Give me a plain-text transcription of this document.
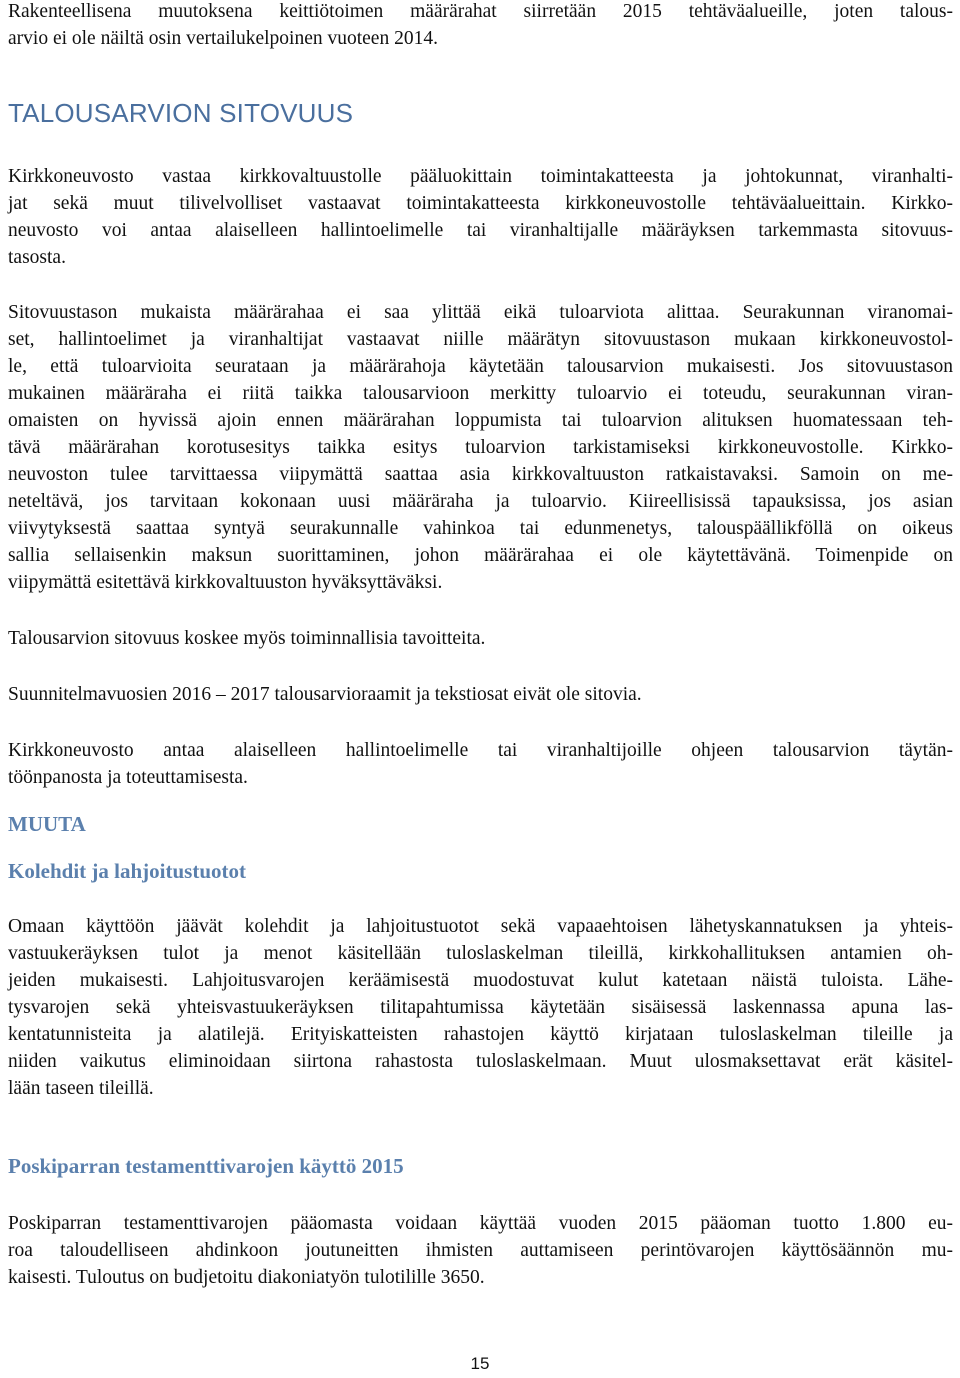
Rakenteellisena muutoksena keittiötoimen määrärahat siirretään 2015 tehtäväalueille, joten talous-
arvio ei ole näiltä osin vertailukelpoinen vuoteen 2014.
TALOUSARVION SITOVUUS
Kirkkoneuvosto vastaa kirkkovaltuustolle pääluokittain toimintakatteesta ja johtokunnat, viranhalti-
jat sekä muut tilivelvolliset vastaavat toimintakatteesta kirkkoneuvostolle tehtäväalueittain. Kirkko-
neuvosto voi antaa alaiselleen hallintoelimelle tai viranhaltijalle määräyksen tarkemmasta sitovuus-
tasosta.
Sitovuustason mukaista määrärahaa ei saa ylittää eikä tuloarviota alittaa. Seurakunnan viranomai-
set, hallintoelimet ja viranhaltijat vastaavat niille määrätyn sitovuustason mukaan kirkkoneuvostol-
le, että tuloarvioita seurataan ja määrärahoja käytetään talousarvion mukaisesti. Jos sitovuustason
mukainen määräraha ei riitä taikka talousarvioon merkitty tuloarvio ei toteudu, seurakunnan viran-
omaisten on hyvissä ajoin ennen määrärahan loppumista tai tuloarvion alituksen huomatessaan teh-
tävä määrärahan korotusesitys taikka esitys tuloarvion tarkistamiseksi kirkkoneuvostolle. Kirkko-
neuvoston tulee tarvittaessa viipymättä saattaa asia kirkkovaltuuston ratkaistavaksi. Samoin on me-
neteltävä, jos tarvitaan kokonaan uusi määräraha ja tuloarvio. Kiireellisissä tapauksissa, jos asian
viivytyksestä saattaa syntyä seurakunnalle vahinkoa tai edunmenetys, talouspäällikföllä on oikeus
sallia sellaisenkin maksun suorittaminen, johon määrärahaa ei ole käytettävänä. Toimenpide on
viipymättä esitettävä kirkkovaltuuston hyväksyttäväksi.
Talousarvion sitovuus koskee myös toiminnallisia tavoitteita.
Suunnitelmavuosien 2016 – 2017 talousarvioraamit ja tekstiosat eivät ole sitovia.
Kirkkoneuvosto antaa alaiselleen hallintoelimelle tai viranhaltijoille ohjeen talousarvion täytän-
töönpanosta ja toteuttamisesta.
MUUTA
Kolehdit ja lahjoitustuotot
Omaan käyttöön jäävät kolehdit ja lahjoitustuotot sekä vapaaehtoisen lähetyskannatuksen ja yhteis-
vastuukeräyksen tulot ja menot käsitellään tuloslaskelman tileillä, kirkkohallituksen antamien oh-
jeiden mukaisesti. Lahjoitusvarojen keräämisestä muodostuvat kulut katetaan näistä tuloista. Lähe-
tysvarojen sekä yhteisvastuukeräyksen tilitapahtumissa käytetään sisäisessä laskennassa apuna las-
kentatunnisteita ja alatilejä. Erityiskatteisten rahastojen käyttö kirjataan tuloslaskelman tileille ja
niiden vaikutus eliminoidaan siirtona rahastosta tuloslaskelmaan. Muut ulosmaksettavat erät käsitel-
lään taseen tileillä.
Poskiparran testamenttivarojen käyttö 2015
Poskiparran testamenttivarojen pääomasta voidaan käyttää vuoden 2015 pääoman tuotto 1.800 eu-
roa taloudelliseen ahdinkoon joutuneitten ihmisten auttamiseen perintövarojen käyttösäännön mu-
kaisesti. Tuloutus on budjetoitu diakoniatyön tulotilille 3650.
15
